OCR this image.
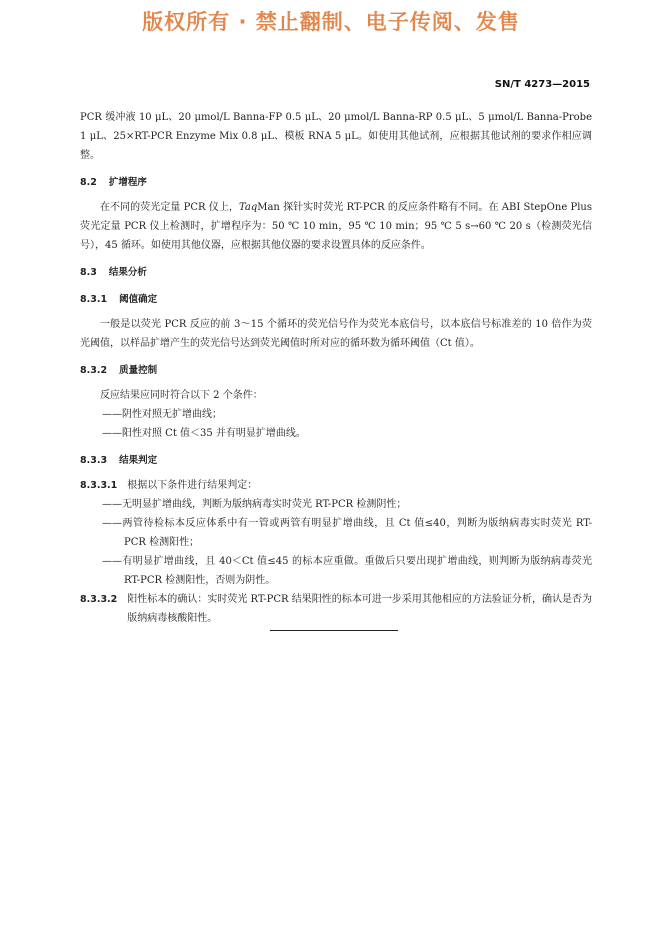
版权所有 · 禁止翻制、电子传阅、发售
SN/T 4273—2015

PCR 缓冲液 10 μL、20 μmol/L Banna-FP 0.5 μL、20 μmol/L Banna-RP 0.5 μL、5 μmol/L Banna-Probe 1 μL、25×RT-PCR Enzyme Mix 0.8 μL、模板 RNA 5 μL。如使用其他试剂，应根据其他试剂的要求作相应调整。

8.2 扩增程序

在不同的荧光定量 PCR 仪上，TaqMan 探针实时荧光 RT-PCR 的反应条件略有不同。在 ABI StepOne Plus 荧光定量 PCR 仪上检测时，扩增程序为：50 ℃ 10 min，95 ℃ 10 min；95 ℃ 5 s→60 ℃ 20 s（检测荧光信号），45 循环。如使用其他仪器，应根据其他仪器的要求设置具体的反应条件。

8.3 结果分析
8.3.1 阈值确定

一般是以荧光 PCR 反应的前 3～15 个循环的荧光信号作为荧光本底信号，以本底信号标准差的 10 倍作为荧光阈值，以样品扩增产生的荧光信号达到荧光阈值时所对应的循环数为循环阈值（Ct 值）。

8.3.2 质量控制

反应结果应同时符合以下 2 个条件：

——阴性对照无扩增曲线；

——阳性对照 Ct 值＜35 并有明显扩增曲线。

8.3.3 结果判定

8.3.3.1 根据以下条件进行结果判定：

——无明显扩增曲线，判断为版纳病毒实时荧光 RT-PCR 检测阴性；

——两管待检标本反应体系中有一管或两管有明显扩增曲线，且 Ct 值≤40，判断为版纳病毒实时荧光 RT-PCR 检测阳性；

——有明显扩增曲线，且 40＜Ct 值≤45 的标本应重做。重做后只要出现扩增曲线，则判断为版纳病毒荧光 RT-PCR 检测阳性，否则为阴性。

8.3.3.2 阳性标本的确认：实时荧光 RT-PCR 结果阳性的标本可进一步采用其他相应的方法验证分析，确认是否为版纳病毒核酸阳性。
